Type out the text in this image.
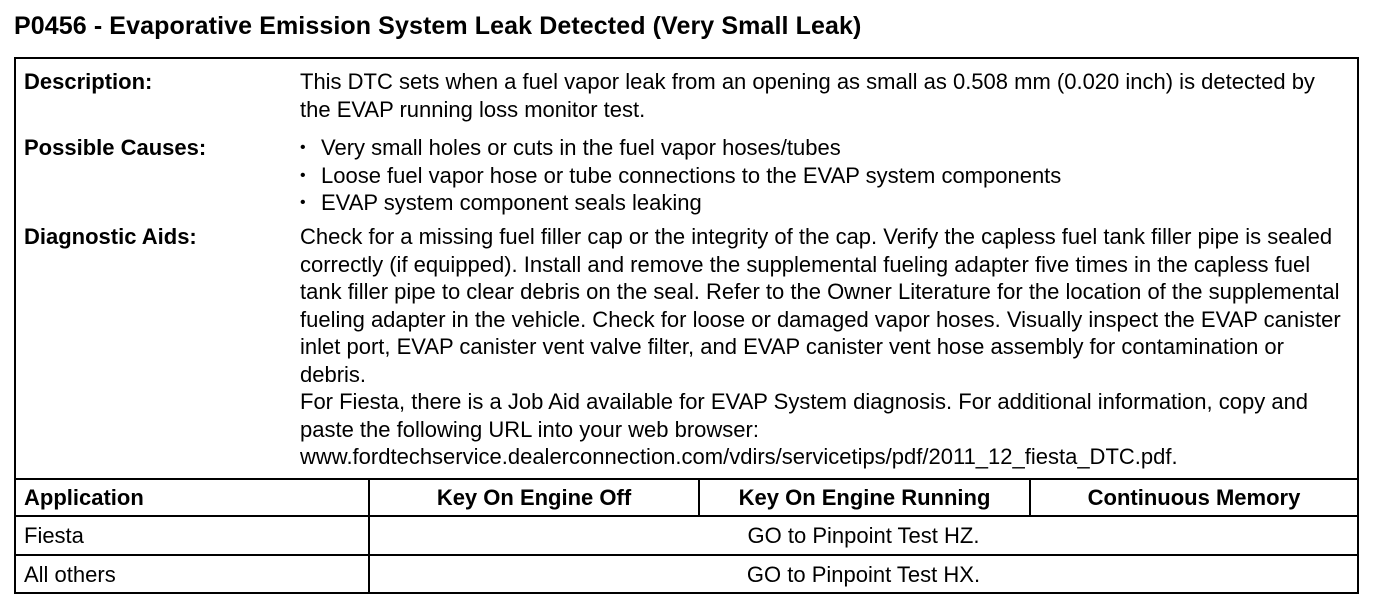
P0456 - Evaporative Emission System Leak Detected (Very Small Leak)
Description:	This DTC sets when a fuel vapor leak from an opening as small as 0.508 mm (0.020 inch) is detected by the EVAP running loss monitor test.

Possible Causes:	• Very small holes or cuts in the fuel vapor hoses/tubes
• Loose fuel vapor hose or tube connections to the EVAP system components
• EVAP system component seals leaking
Diagnostic Aids:	Check for a missing fuel filler cap or the integrity of the cap. Verify the capless fuel tank filler pipe is sealed correctly (if equipped). Install and remove the supplemental fueling adapter five times in the capless fuel tank filler pipe to clear debris on the seal. Refer to the Owner Literature for the location of the supplemental fueling adapter in the vehicle. Check for loose or damaged vapor hoses. Visually inspect the EVAP canister inlet port, EVAP canister vent valve filter, and EVAP canister vent hose assembly for contamination or debris.

For Fiesta, there is a Job Aid available for EVAP System diagnosis. For additional information, copy and paste the following URL into your web browser: www.fordtechservice.dealerconnection.com/vdirs/servicetips/pdf/2011_12_fiesta_DTC.pdf.

Application	Key On Engine Off	Key On Engine Running	Continuous Memory
Fiesta	GO to Pinpoint Test HZ.		
All others	GO to Pinpoint Test HX.		
